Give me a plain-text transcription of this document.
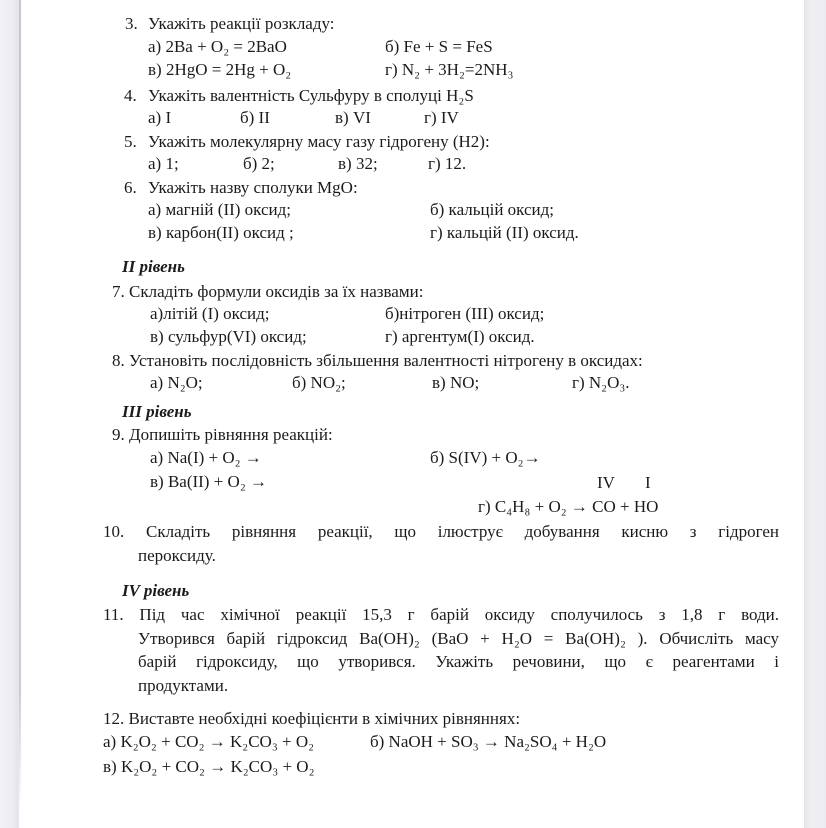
3. Укажіть реакції розкладу:
а) 2Ba + O₂ = 2BaO	б) Fe + S = FeS
в) 2HgO = 2Hg + O₂	г) N₂ + 3H₂=2NH₃
4. Укажіть валентність Сульфуру в сполуці H₂S
а) I	б) II	в) VI	г) IV
5. Укажіть молекулярну масу газу гідрогену (H2):
а) 1;	б) 2;	в) 32;	г) 12.
6. Укажіть назву сполуки MgO:
а) магній (II) оксид;	б) кальцій оксид;
в) карбон(II) оксид ;	г) кальцій (II) оксид.
II рівень
7. Складіть формули оксидів за їх назвами:
а)літій (I) оксид;	б)нітроген (III) оксид;
в) сульфур(VI) оксид;	г) аргентум(I) оксид.
8. Установіть послідовність збільшення валентності нітрогену в оксидах:
а) N₂O;	б) NO₂;	в) NO;	г) N₂O₃.
III рівень
9. Допишіть рівняння реакцій:
а) Na(I) + O₂ →	б) S(IV) + O₂→
в) Ba(II) + O₂ →	IV I
г) C₄H₈ + O₂ → CO + HO
10. Складіть рівняння реакції, що ілюструє добування кисню з гідроген
пероксиду.
IV рівень
11. Під час хімічної реакції 15,3 г барій оксиду сполучилось з 1,8 г води.
Утворився барій гідроксид Ba(OH)₂ (BaO + H₂O = Ba(OH)₂ ). Обчисліть масу
барій гідроксиду, що утворився. Укажіть речовини, що є реагентами і
продуктами.
12. Виставте необхідні коефіцієнти в хімічних рівняннях:
а) K₂O₂ + CO₂ → K₂CO₃ + O₂	б) NaOH + SO₃ → Na₂SO₄ + H₂O
в) K₂O₂ + CO₂ → K₂CO₃ + O₂
